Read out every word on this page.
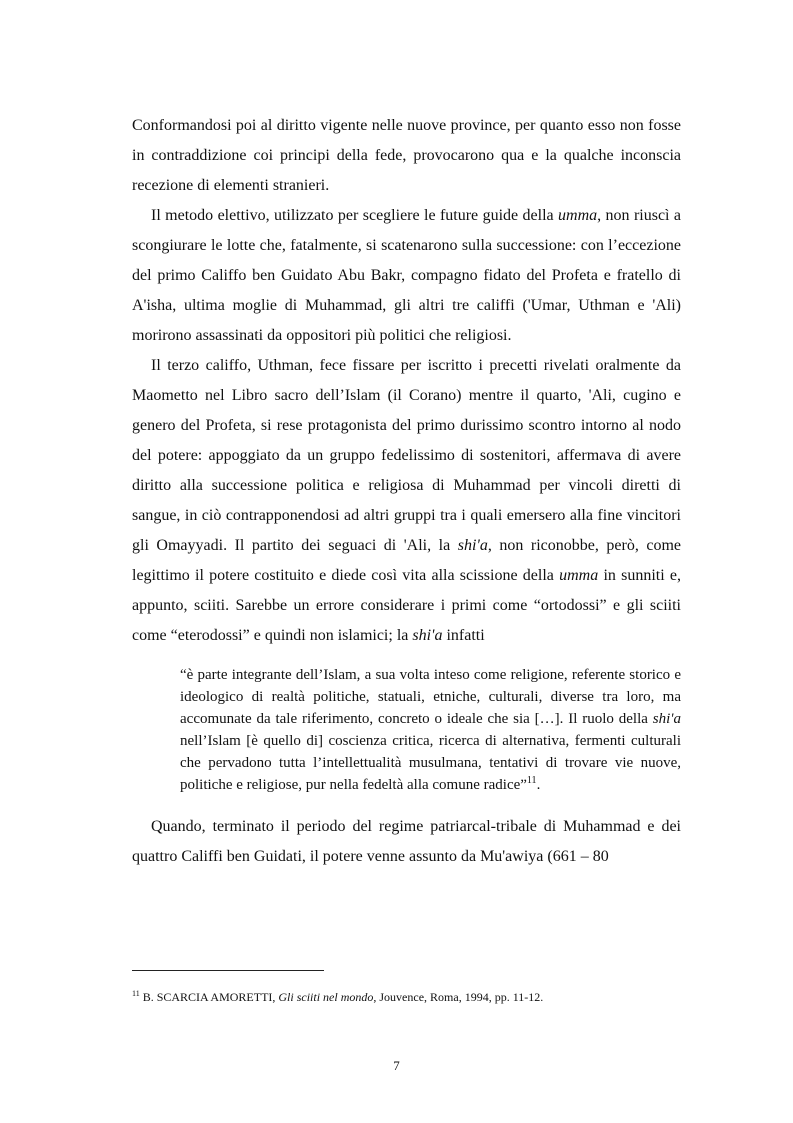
Conformandosi poi al diritto vigente nelle nuove province, per quanto esso non fosse in contraddizione coi principi della fede, provocarono qua e la qualche inconscia recezione di elementi stranieri.

Il metodo elettivo, utilizzato per scegliere le future guide della umma, non riuscì a scongiurare le lotte che, fatalmente, si scatenarono sulla successione: con l’eccezione del primo Califfo ben Guidato Abu Bakr, compagno fidato del Profeta e fratello di A'isha, ultima moglie di Muhammad, gli altri tre califfi ('Umar, Uthman e 'Ali) morirono assassinati da oppositori più politici che religiosi.

Il terzo califfo, Uthman, fece fissare per iscritto i precetti rivelati oralmente da Maometto nel Libro sacro dell’Islam (il Corano) mentre il quarto, 'Ali, cugino e genero del Profeta, si rese protagonista del primo durissimo scontro intorno al nodo del potere: appoggiato da un gruppo fedelissimo di sostenitori, affermava di avere diritto alla successione politica e religiosa di Muhammad per vincoli diretti di sangue, in ciò contrapponendosi ad altri gruppi tra i quali emersero alla fine vincitori gli Omayyadi. Il partito dei seguaci di 'Ali, la shi'a, non riconobbe, però, come legittimo il potere costituito e diede così vita alla scissione della umma in sunniti e, appunto, sciiti. Sarebbe un errore considerare i primi come “ortodossi” e gli sciiti come “eterodossi” e quindi non islamici; la shi'a infatti

“è parte integrante dell’Islam, a sua volta inteso come religione, referente storico e ideologico di realtà politiche, statuali, etniche, culturali, diverse tra loro, ma accomunate da tale riferimento, concreto o ideale che sia […]. Il ruolo della shi'a nell’Islam [è quello di] coscienza critica, ricerca di alternativa, fermenti culturali che pervadono tutta l’intellettualità musulmana, tentativi di trovare vie nuove, politiche e religiose, pur nella fedeltà alla comune radice”$^{11}$.

Quando, terminato il periodo del regime patriarcal-tribale di Muhammad e dei quattro Califfi ben Guidati, il potere venne assunto da Mu'awiya (661 – 80

$^{11}$ B. SCARCIA AMORETTI, Gli sciiti nel mondo, Jouvence, Roma, 1994, pp. 11-12.

7
